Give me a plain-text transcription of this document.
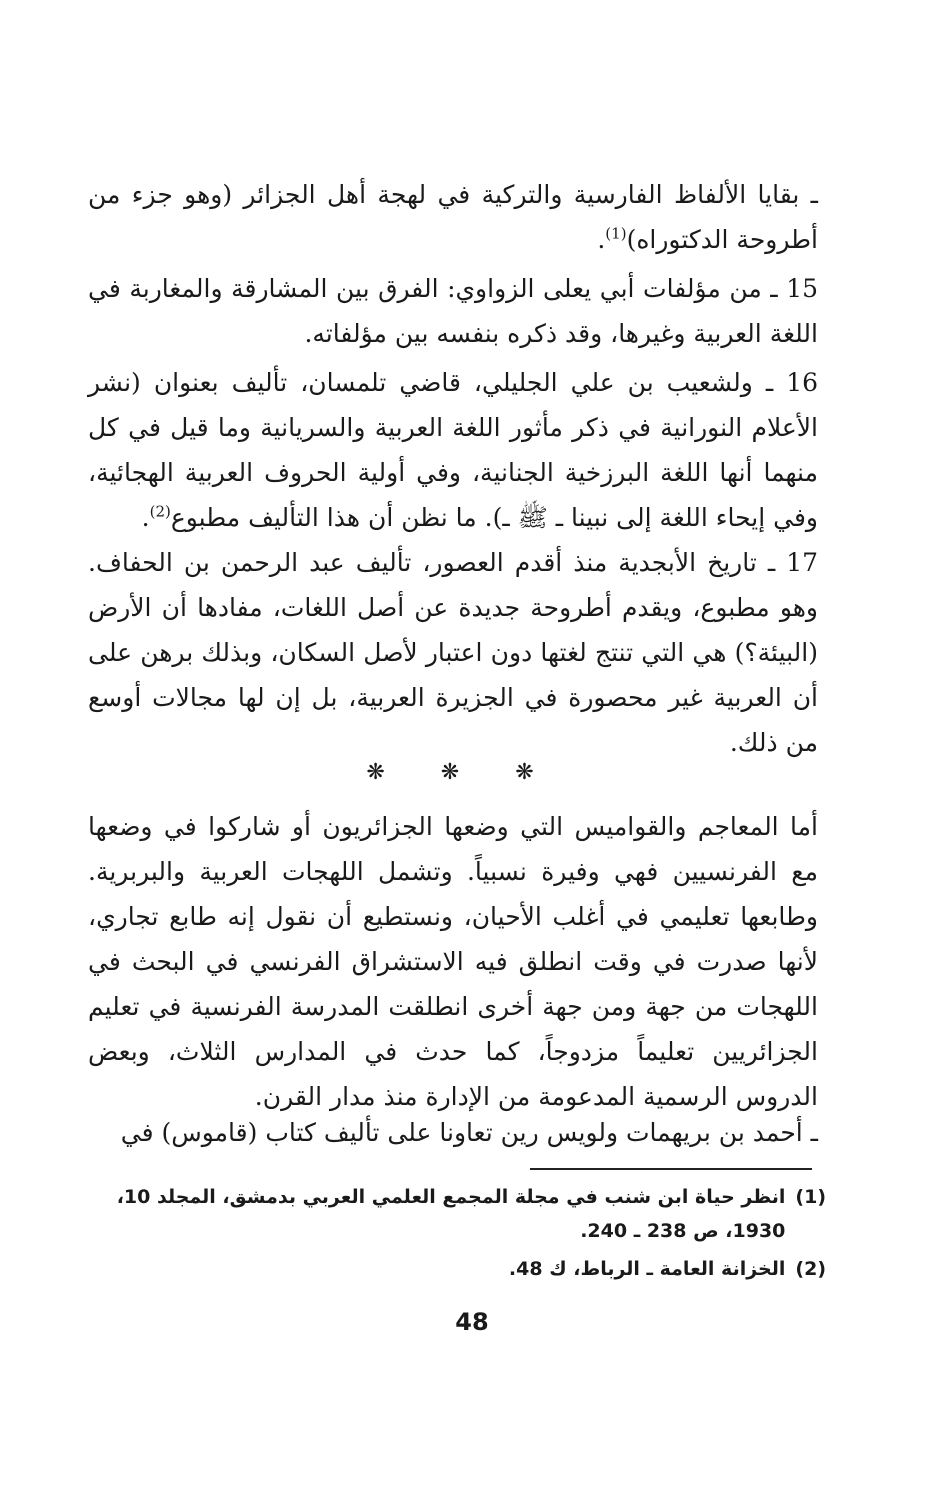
ـ بقايا الألفاظ الفارسية والتركية في لهجة أهل الجزائر (وهو جزء من أطروحة الدكتوراه)$^{(1)}$.

15 ـ من مؤلفات أبي يعلى الزواوي: الفرق بين المشارقة والمغاربة في اللغة العربية وغيرها، وقد ذكره بنفسه بين مؤلفاته.

16 ـ ولشعيب بن علي الجليلي، قاضي تلمسان، تأليف بعنوان (نشر الأعلام النورانية في ذكر مأثور اللغة العربية والسريانية وما قيل في كل منهما أنها اللغة البرزخية الجنانية، وفي أولية الحروف العربية الهجائية، وفي إيحاء اللغة إلى نبينا ـ ﷺ ـ). ما نظن أن هذا التأليف مطبوع$^{(2)}$.

17 ـ تاريخ الأبجدية منذ أقدم العصور، تأليف عبد الرحمن بن الحفاف. وهو مطبوع، ويقدم أطروحة جديدة عن أصل اللغات، مفادها أن الأرض (البيئة؟) هي التي تنتج لغتها دون اعتبار لأصل السكان، وبذلك برهن على أن العربية غير محصورة في الجزيرة العربية، بل إن لها مجالات أوسع من ذلك.

❋ ❋ ❋

أما المعاجم والقواميس التي وضعها الجزائريون أو شاركوا في وضعها مع الفرنسيين فهي وفيرة نسبياً. وتشمل اللهجات العربية والبربرية. وطابعها تعليمي في أغلب الأحيان، ونستطيع أن نقول إنه طابع تجاري، لأنها صدرت في وقت انطلق فيه الاستشراق الفرنسي في البحث في اللهجات من جهة ومن جهة أخرى انطلقت المدرسة الفرنسية في تعليم الجزائريين تعليماً مزدوجاً، كما حدث في المدارس الثلاث، وبعض الدروس الرسمية المدعومة من الإدارة منذ مدار القرن.

ـ أحمد بن بريهمات ولويس رين تعاونا على تأليف كتاب (قاموس) في

(1)
انظر حياة ابن شنب في مجلة المجمع العلمي العربي بدمشق، المجلد 10، 1930، ص 238 ـ 240.
(2)
الخزانة العامة ـ الرباط، ك 48.
48
